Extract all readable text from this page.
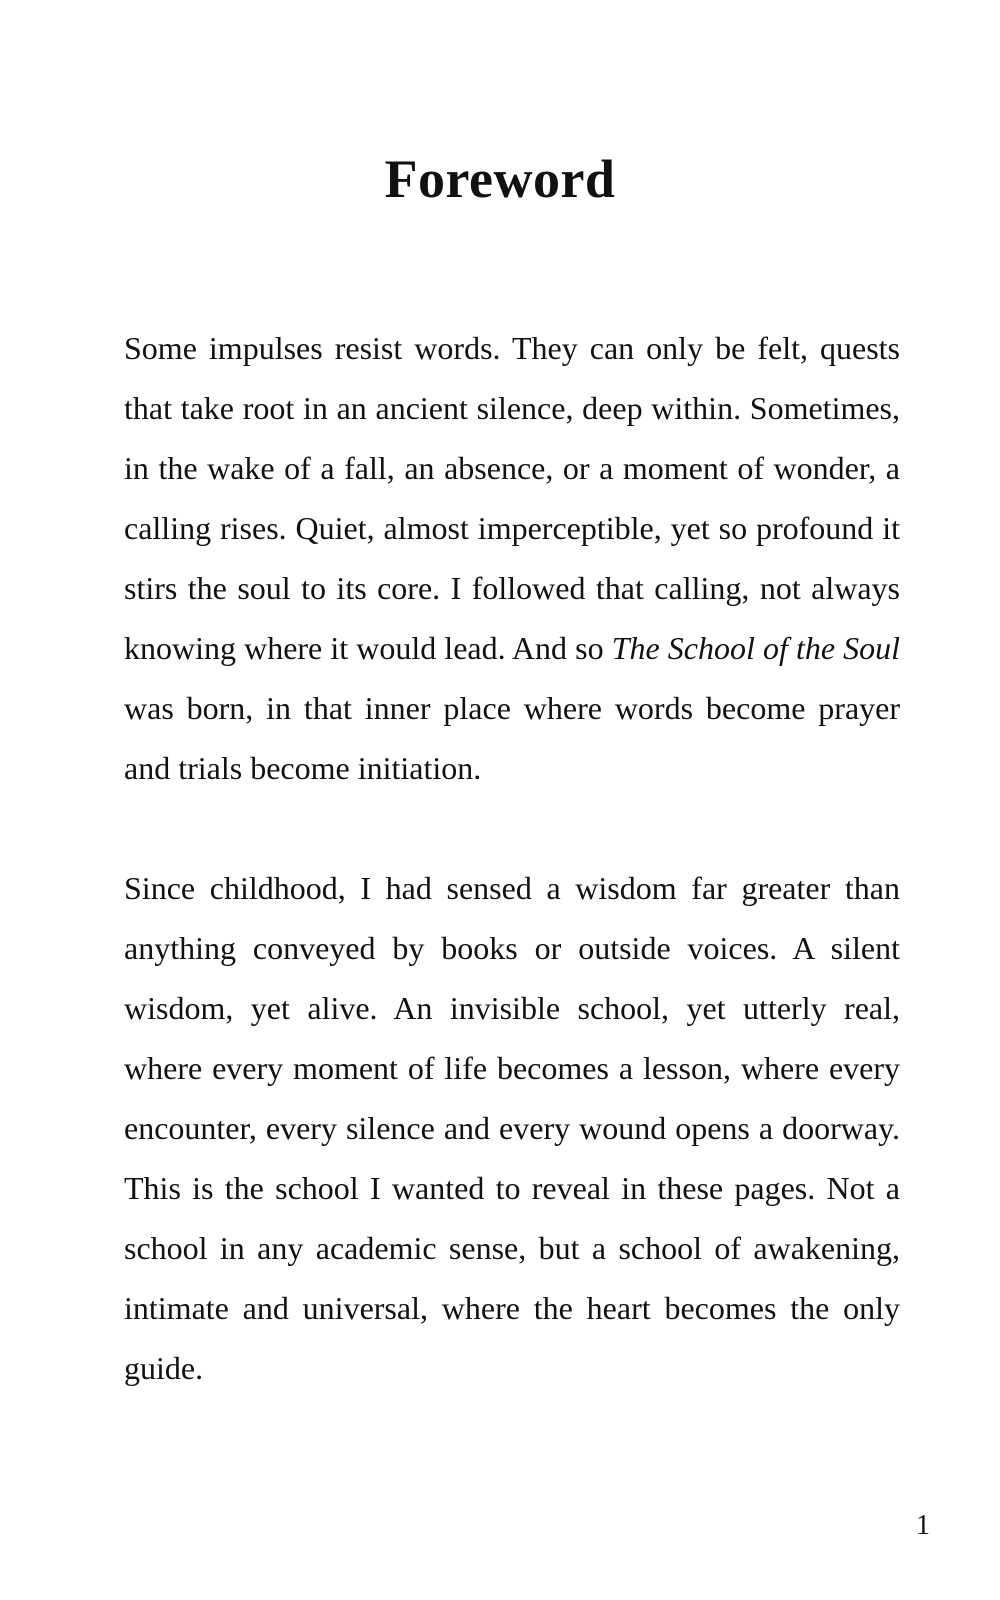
Foreword

Some impulses resist words. They can only be felt, quests that take root in an ancient silence, deep within. Sometimes, in the wake of a fall, an absence, or a moment of wonder, a calling rises. Quiet, almost imperceptible, yet so profound it stirs the soul to its core. I followed that calling, not always knowing where it would lead. And so The School of the Soul was born, in that inner place where words become prayer and trials become initiation.

Since childhood, I had sensed a wisdom far greater than anything conveyed by books or outside voices. A silent wisdom, yet alive. An invisible school, yet utterly real, where every moment of life becomes a lesson, where every encounter, every silence and every wound opens a doorway. This is the school I wanted to reveal in these pages. Not a school in any academic sense, but a school of awakening, intimate and universal, where the heart becomes the only guide.

1
